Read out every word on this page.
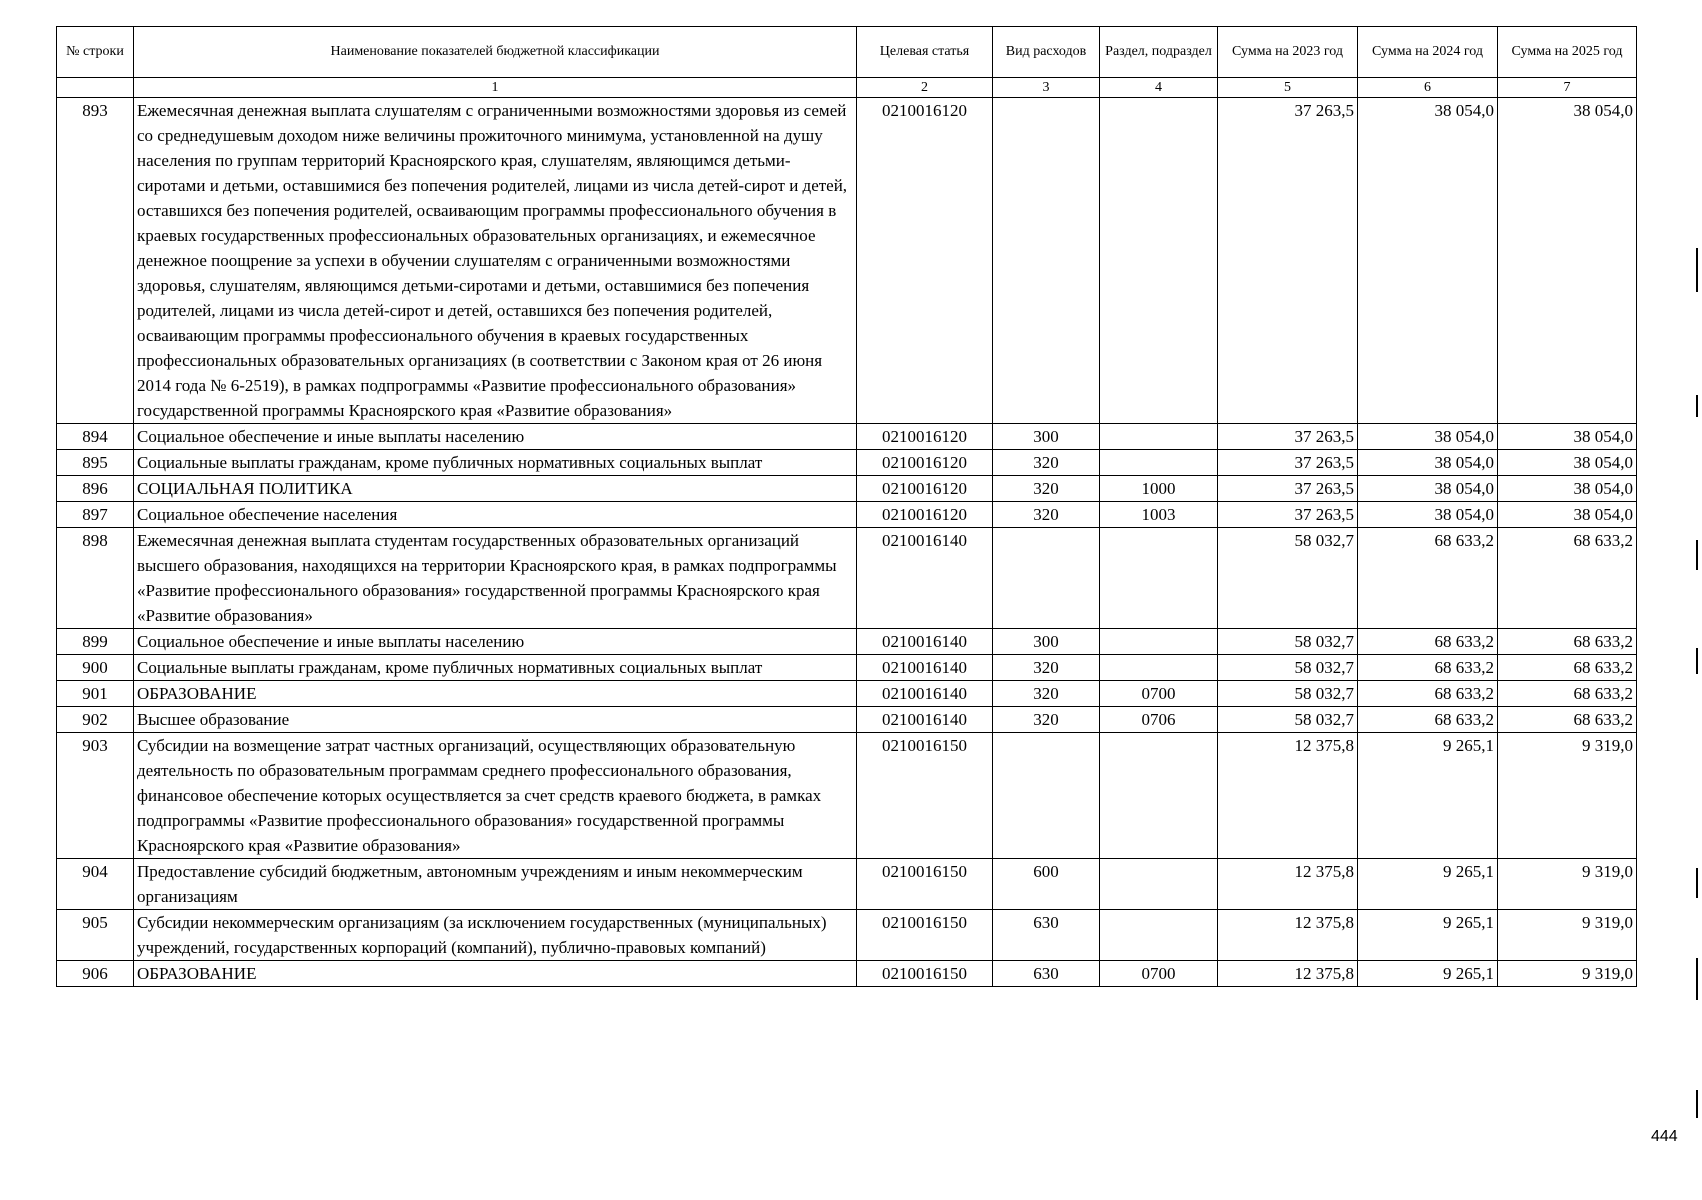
№ строки	Наименование показателей бюджетной классификации	Целевая статья	Вид расходов	Раздел, подраздел	Сумма на 2023 год	Сумма на 2024 год	Сумма на 2025 год
	1	2	3	4	5	6	7
893	Ежемесячная денежная выплата слушателям с ограниченными возможностями здоровья из семей со среднедушевым доходом ниже величины прожиточного минимума, установленной на душу населения по группам территорий Красноярского края, слушателям, являющимся детьми-сиротами и детьми, оставшимися без попечения родителей, лицами из числа детей-сирот и детей, оставшихся без попечения родителей, осваивающим программы профессионального обучения в краевых государственных профессиональных образовательных организациях, и ежемесячное денежное поощрение за успехи в обучении слушателям с ограниченными возможностями здоровья, слушателям, являющимся детьми-сиротами и детьми, оставшимися без попечения родителей, лицами из числа детей-сирот и детей, оставшихся без попечения родителей, осваивающим программы профессионального обучения в краевых государственных профессиональных образовательных организациях (в соответствии с Законом края от 26 июня 2014 года № 6-2519), в рамках подпрограммы «Развитие профессионального образования» государственной программы Красноярского края «Развитие образования»	0210016120			37 263,5	38 054,0	38 054,0
894	Социальное обеспечение и иные выплаты населению	0210016120	300		37 263,5	38 054,0	38 054,0
895	Социальные выплаты гражданам, кроме публичных нормативных социальных выплат	0210016120	320		37 263,5	38 054,0	38 054,0
896	СОЦИАЛЬНАЯ ПОЛИТИКА	0210016120	320	1000	37 263,5	38 054,0	38 054,0
897	Социальное обеспечение населения	0210016120	320	1003	37 263,5	38 054,0	38 054,0
898	Ежемесячная денежная выплата студентам государственных образовательных организаций высшего образования, находящихся на территории Красноярского края, в рамках подпрограммы «Развитие профессионального образования» государственной программы Красноярского края «Развитие образования»	0210016140			58 032,7	68 633,2	68 633,2
899	Социальное обеспечение и иные выплаты населению	0210016140	300		58 032,7	68 633,2	68 633,2
900	Социальные выплаты гражданам, кроме публичных нормативных социальных выплат	0210016140	320		58 032,7	68 633,2	68 633,2
901	ОБРАЗОВАНИЕ	0210016140	320	0700	58 032,7	68 633,2	68 633,2
902	Высшее образование	0210016140	320	0706	58 032,7	68 633,2	68 633,2
903	Субсидии на возмещение затрат частных организаций, осуществляющих образовательную деятельность по образовательным программам среднего профессионального образования, финансовое обеспечение которых осуществляется за счет средств краевого бюджета, в рамках подпрограммы «Развитие профессионального образования» государственной программы Красноярского края «Развитие образования»	0210016150			12 375,8	9 265,1	9 319,0
904	Предоставление субсидий бюджетным, автономным учреждениям и иным некоммерческим организациям	0210016150	600		12 375,8	9 265,1	9 319,0
905	Субсидии некоммерческим организациям (за исключением государственных (муниципальных) учреждений, государственных корпораций (компаний), публично-правовых компаний)	0210016150	630		12 375,8	9 265,1	9 319,0
906	ОБРАЗОВАНИЕ	0210016150	630	0700	12 375,8	9 265,1	9 319,0
444
